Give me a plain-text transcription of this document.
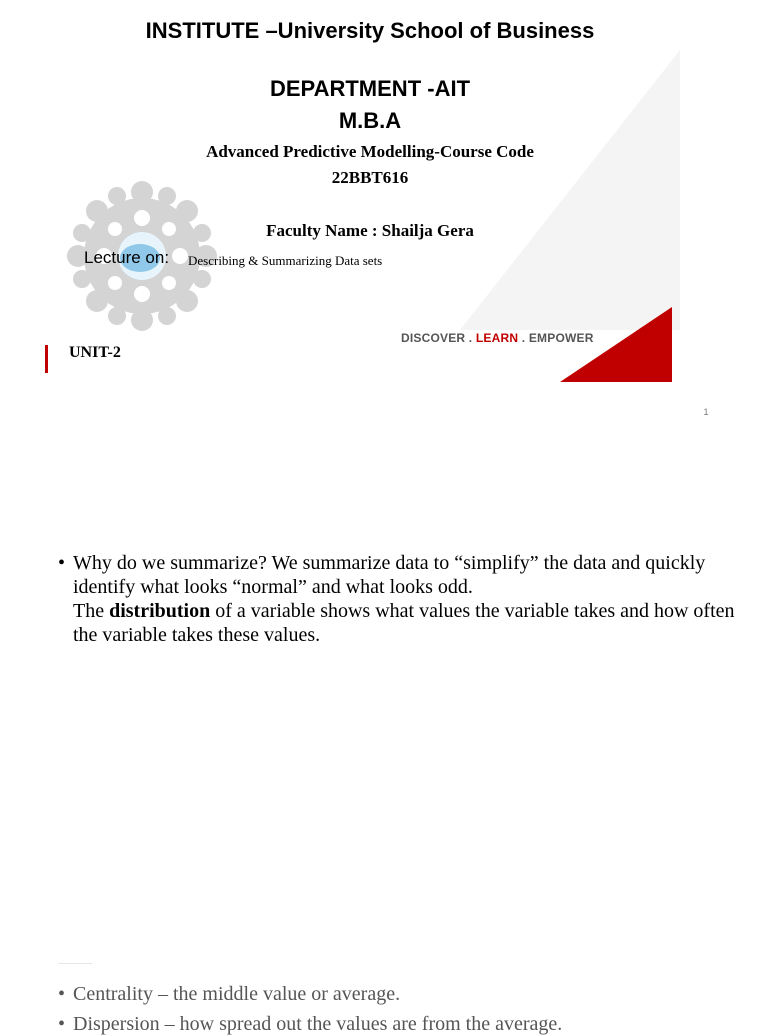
INSTITUTE –University School of Business
DEPARTMENT -AIT
M.B.A
Advanced Predictive Modelling-Course Code
22BBT616
Faculty Name : Shailja Gera
Lecture on: Describing & Summarizing Data sets
DISCOVER . LEARN . EMPOWER
UNIT-2
1
• Why do we summarize? We summarize data to “simplify” the data and quickly identify what looks “normal” and what looks odd.
The distribution of a variable shows what values the variable takes and how often the variable takes these values.
• Centrality – the middle value or average.
• Dispersion – how spread out the values are from the average.
